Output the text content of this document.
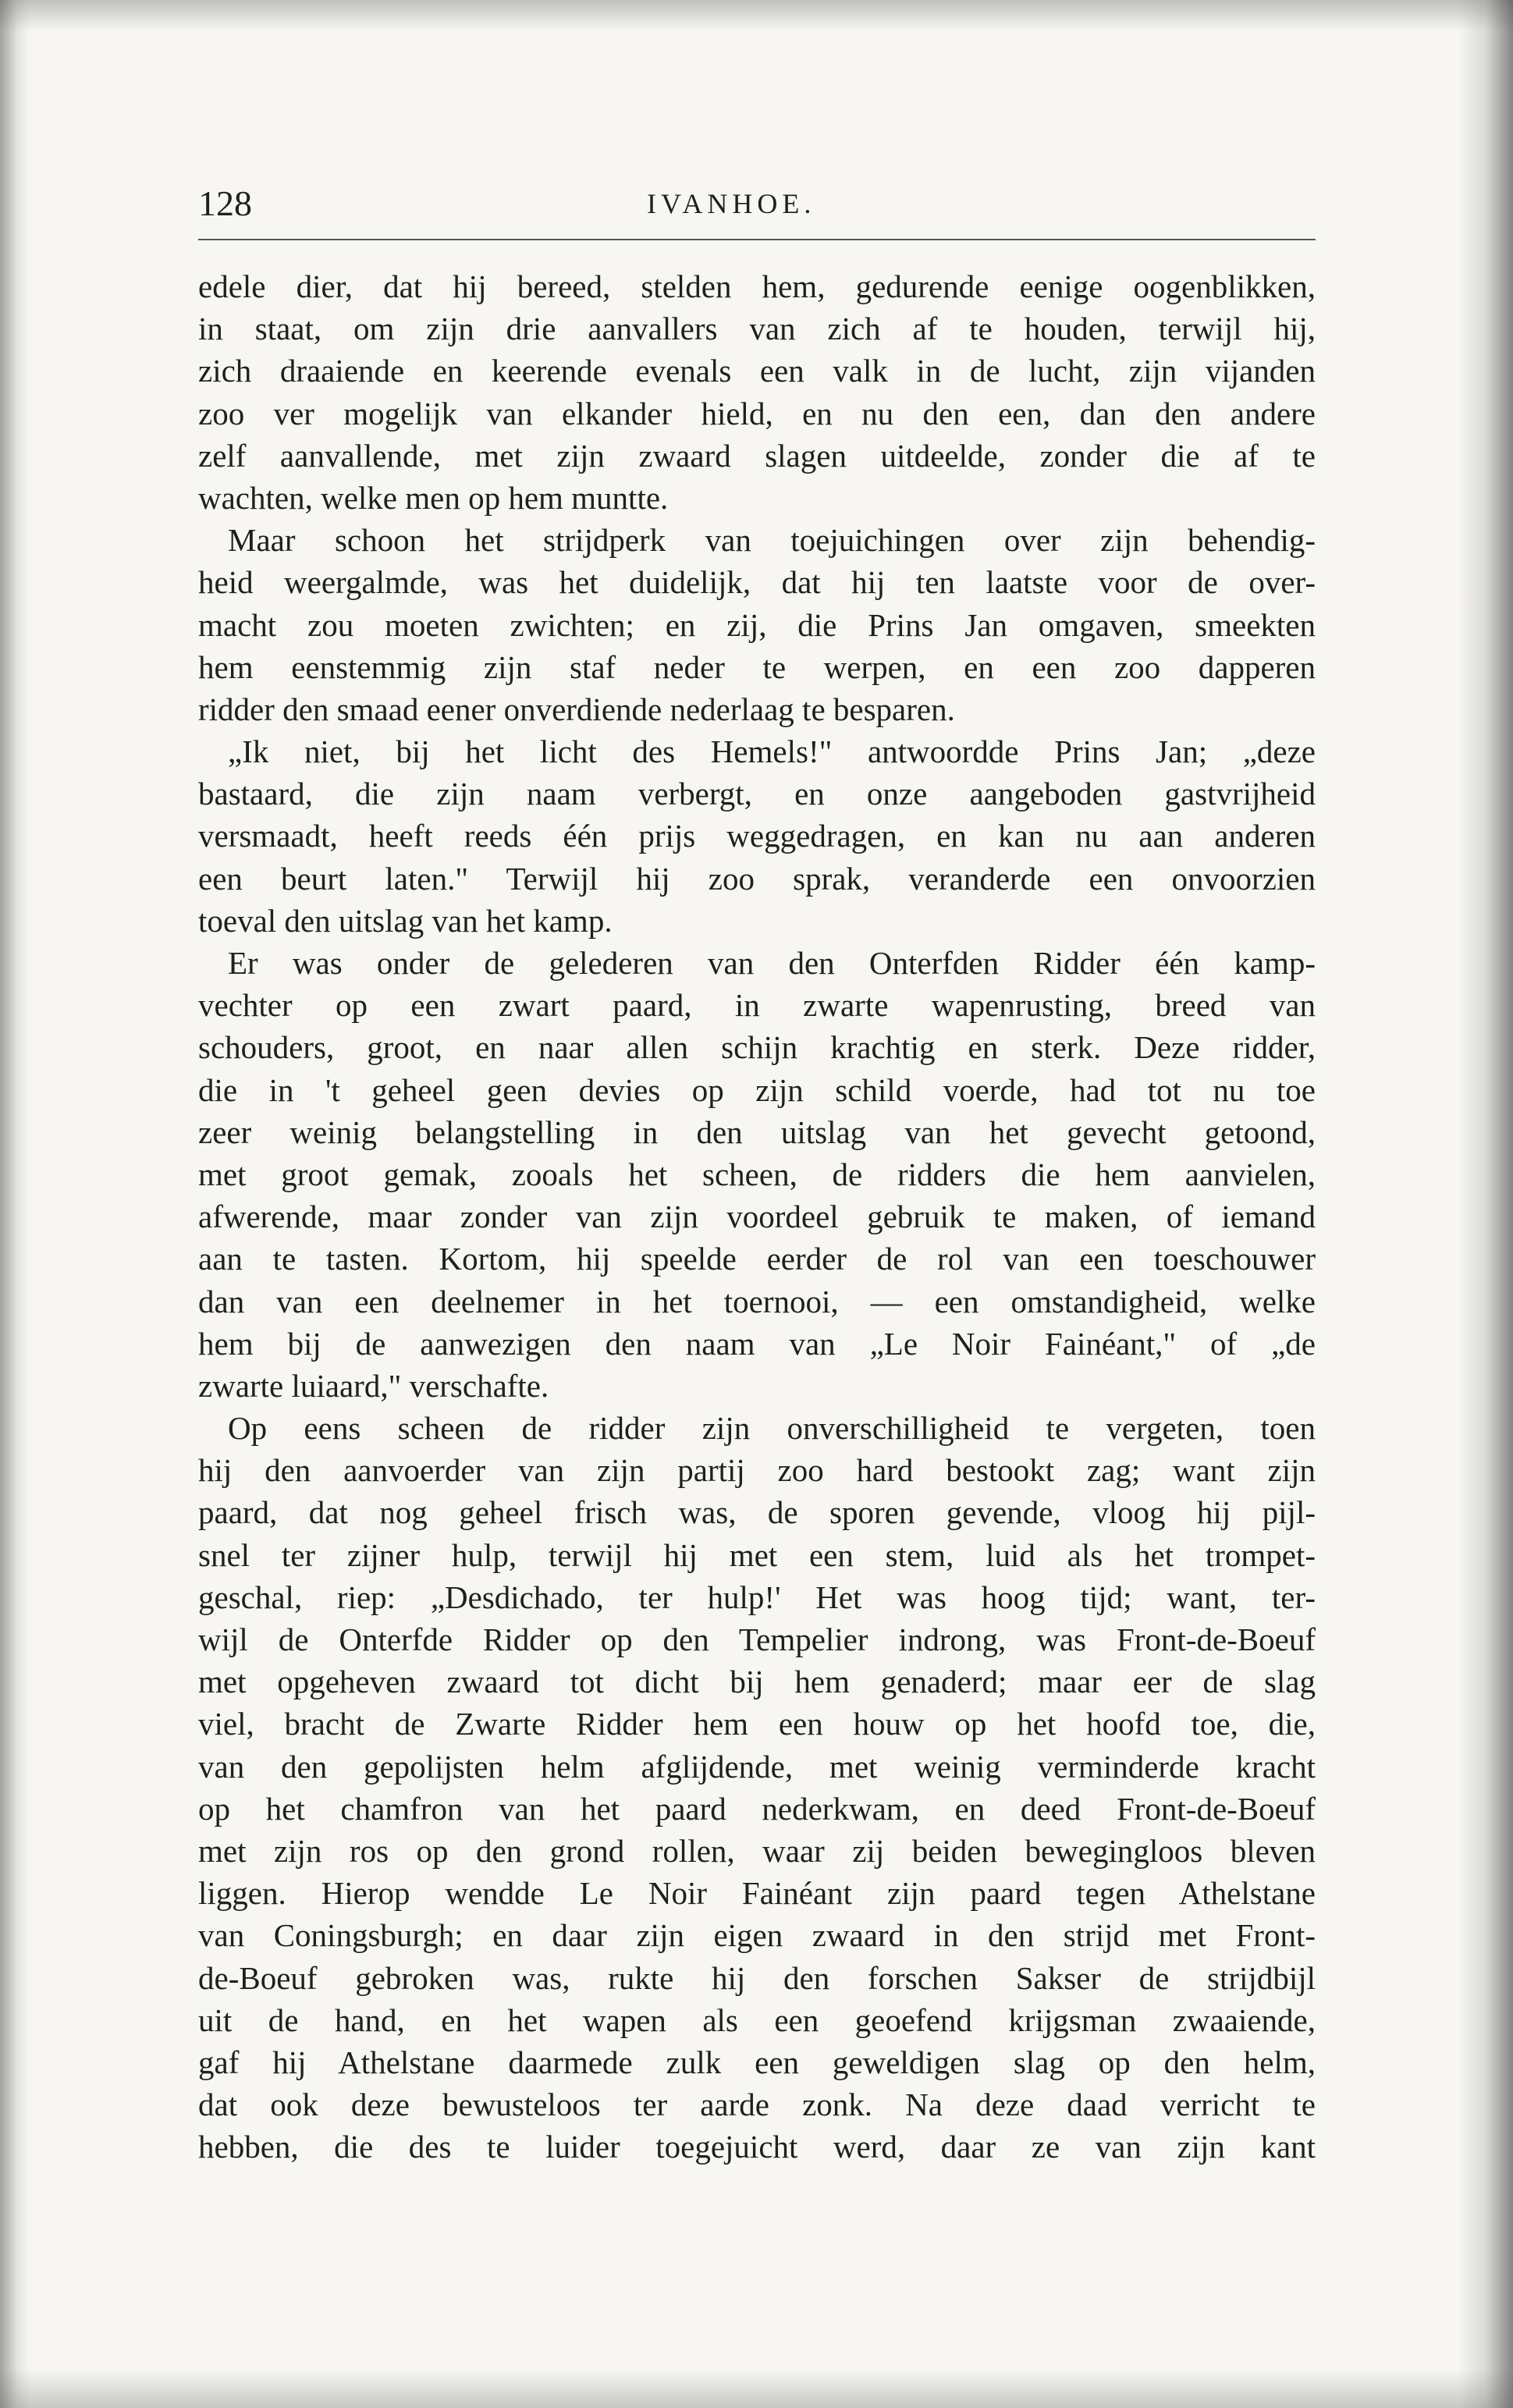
128	IVANHOE.
edele dier, dat hij bereed, stelden hem, gedurende eenige oogenblikken,
in staat, om zijn drie aanvallers van zich af te houden, terwijl hij,
zich draaiende en keerende evenals een valk in de lucht, zijn vijanden
zoo ver mogelijk van elkander hield, en nu den een, dan den andere
zelf aanvallende, met zijn zwaard slagen uitdeelde, zonder die af te
wachten, welke men op hem muntte.
Maar schoon het strijdperk van toejuichingen over zijn behendig-
heid weergalmde, was het duidelijk, dat hij ten laatste voor de over-
macht zou moeten zwichten; en zij, die Prins Jan omgaven, smeekten
hem eenstemmig zijn staf neder te werpen, en een zoo dapperen
ridder den smaad eener onverdiende nederlaag te besparen.
„Ik niet, bij het licht des Hemels!" antwoordde Prins Jan; „deze
bastaard, die zijn naam verbergt, en onze aangeboden gastvrijheid
versmaadt, heeft reeds één prijs weggedragen, en kan nu aan anderen
een beurt laten." Terwijl hij zoo sprak, veranderde een onvoorzien
toeval den uitslag van het kamp.
Er was onder de gelederen van den Onterfden Ridder één kamp-
vechter op een zwart paard, in zwarte wapenrusting, breed van
schouders, groot, en naar allen schijn krachtig en sterk. Deze ridder,
die in 't geheel geen devies op zijn schild voerde, had tot nu toe
zeer weinig belangstelling in den uitslag van het gevecht getoond,
met groot gemak, zooals het scheen, de ridders die hem aanvielen,
afwerende, maar zonder van zijn voordeel gebruik te maken, of iemand
aan te tasten. Kortom, hij speelde eerder de rol van een toeschouwer
dan van een deelnemer in het toernooi, — een omstandigheid, welke
hem bij de aanwezigen den naam van „Le Noir Fainéant," of „de
zwarte luiaard," verschafte.
Op eens scheen de ridder zijn onverschilligheid te vergeten, toen
hij den aanvoerder van zijn partij zoo hard bestookt zag; want zijn
paard, dat nog geheel frisch was, de sporen gevende, vloog hij pijl-
snel ter zijner hulp, terwijl hij met een stem, luid als het trompet-
geschal, riep: „Desdichado, ter hulp!' Het was hoog tijd; want, ter-
wijl de Onterfde Ridder op den Tempelier indrong, was Front-de-Boeuf
met opgeheven zwaard tot dicht bij hem genaderd; maar eer de slag
viel, bracht de Zwarte Ridder hem een houw op het hoofd toe, die,
van den gepolijsten helm afglijdende, met weinig verminderde kracht
op het chamfron van het paard nederkwam, en deed Front-de-Boeuf
met zijn ros op den grond rollen, waar zij beiden bewegingloos bleven
liggen. Hierop wendde Le Noir Fainéant zijn paard tegen Athelstane
van Coningsburgh; en daar zijn eigen zwaard in den strijd met Front-
de-Boeuf gebroken was, rukte hij den forschen Sakser de strijdbijl
uit de hand, en het wapen als een geoefend krijgsman zwaaiende,
gaf hij Athelstane daarmede zulk een geweldigen slag op den helm,
dat ook deze bewusteloos ter aarde zonk. Na deze daad verricht te
hebben, die des te luider toegejuicht werd, daar ze van zijn kant
